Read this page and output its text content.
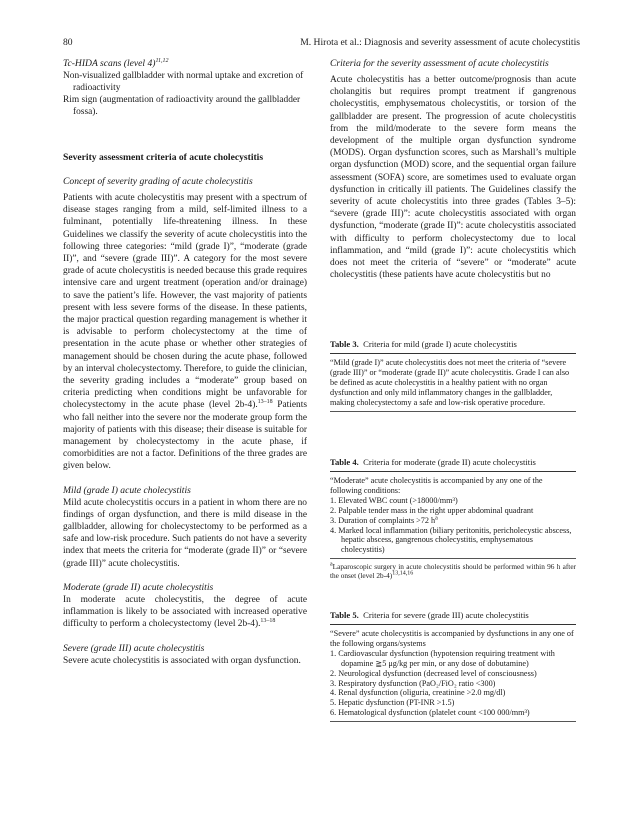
80	M. Hirota et al.: Diagnosis and severity assessment of acute cholecystitis

Tc-HIDA scans (level 4)$^{11,12}$

Non-visualized gallbladder with normal uptake and excretion of radioactivity

Rim sign (augmentation of radioactivity around the gallbladder fossa).

Severity assessment criteria of acute cholecystitis

Concept of severity grading of acute cholecystitis

Patients with acute cholecystitis may present with a spectrum of disease stages ranging from a mild, self-limited illness to a fulminant, potentially life-threatening illness. In these Guidelines we classify the severity of acute cholecystitis into the following three categories: “mild (grade I)”, “moderate (grade II)”, and “severe (grade III)”. A category for the most severe grade of acute cholecystitis is needed because this grade requires intensive care and urgent treatment (operation and/or drainage) to save the patient’s life. However, the vast majority of patients present with less severe forms of the disease. In these patients, the major practical question regarding management is whether it is advisable to perform cholecystectomy at the time of presentation in the acute phase or whether other strategies of management should be chosen during the acute phase, followed by an interval cholecystectomy. Therefore, to guide the clinician, the severity grading includes a “moderate” group based on criteria predicting when conditions might be unfavorable for cholecystectomy in the acute phase (level 2b-4).$^{13-18}$ Patients who fall neither into the severe nor the moderate group form the majority of patients with this disease; their disease is suitable for management by cholecystectomy in the acute phase, if comorbidities are not a factor. Definitions of the three grades are given below.

Mild (grade I) acute cholecystitis

Mild acute cholecystitis occurs in a patient in whom there are no findings of organ dysfunction, and there is mild disease in the gallbladder, allowing for cholecystectomy to be performed as a safe and low-risk procedure. Such patients do not have a severity index that meets the criteria for “moderate (grade II)” or “severe (grade III)” acute cholecystitis.

Moderate (grade II) acute cholecystitis

In moderate acute cholecystitis, the degree of acute inflammation is likely to be associated with increased operative difficulty to perform a cholecystectomy (level 2b-4).$^{13-18}$

Severe (grade III) acute cholecystitis

Severe acute cholecystitis is associated with organ dysfunction.

Criteria for the severity assessment of acute cholecystitis

Acute cholecystitis has a better outcome/prognosis than acute cholangitis but requires prompt treatment if gangrenous cholecystitis, emphysematous cholecystitis, or torsion of the gallbladder are present. The progression of acute cholecystitis from the mild/moderate to the severe form means the development of the multiple organ dysfunction syndrome (MODS). Organ dysfunction scores, such as Marshall’s multiple organ dysfunction (MOD) score, and the sequential organ failure assessment (SOFA) score, are sometimes used to evaluate organ dysfunction in critically ill patients. The Guidelines classify the severity of acute cholecystitis into three grades (Tables 3–5): “severe (grade III)”: acute cholecystitis associated with organ dysfunction, “moderate (grade II)”: acute cholecystitis associated with difficulty to perform cholecystectomy due to local inflammation, and “mild (grade I)”: acute cholecystitis which does not meet the criteria of “severe” or “moderate” acute cholecystitis (these patients have acute cholecystitis but no

Table 3. Criteria for mild (grade I) acute cholecystitis

“Mild (grade I)” acute cholecystitis does not meet the criteria of “severe (grade III)” or “moderate (grade II)” acute cholecystitis. Grade I can also be defined as acute cholecystitis in a healthy patient with no organ dysfunction and only mild inflammatory changes in the gallbladder, making cholecystectomy a safe and low-risk operative procedure.

Table 4. Criteria for moderate (grade II) acute cholecystitis

“Moderate” acute cholecystitis is accompanied by any one of the following conditions:

1. Elevated WBC count (>18000/mm³)
2. Palpable tender mass in the right upper abdominal quadrant
3. Duration of complaints >72 $h^a$
4. Marked local inflammation (biliary peritonitis, pericholecystic abscess, hepatic abscess, gangrenous cholecystitis, emphysematous cholecystitis)

$^a$Laparoscopic surgery in acute cholecystitis should be performed within 96 h after the onset (level 2b-4)$^{13,14,16}$

Table 5. Criteria for severe (grade III) acute cholecystitis

“Severe” acute cholecystitis is accompanied by dysfunctions in any one of the following organs/systems

1. Cardiovascular dysfunction (hypotension requiring treatment with dopamine ≧5 μg/kg per min, or any dose of dobutamine)
2. Neurological dysfunction (decreased level of consciousness)
3. Respiratory dysfunction (PaO₂/FiO₂ ratio <300)
4. Renal dysfunction (oliguria, creatinine >2.0 mg/dl)
5. Hepatic dysfunction (PT-INR >1.5)
6. Hematological dysfunction (platelet count <100 000/mm³)
